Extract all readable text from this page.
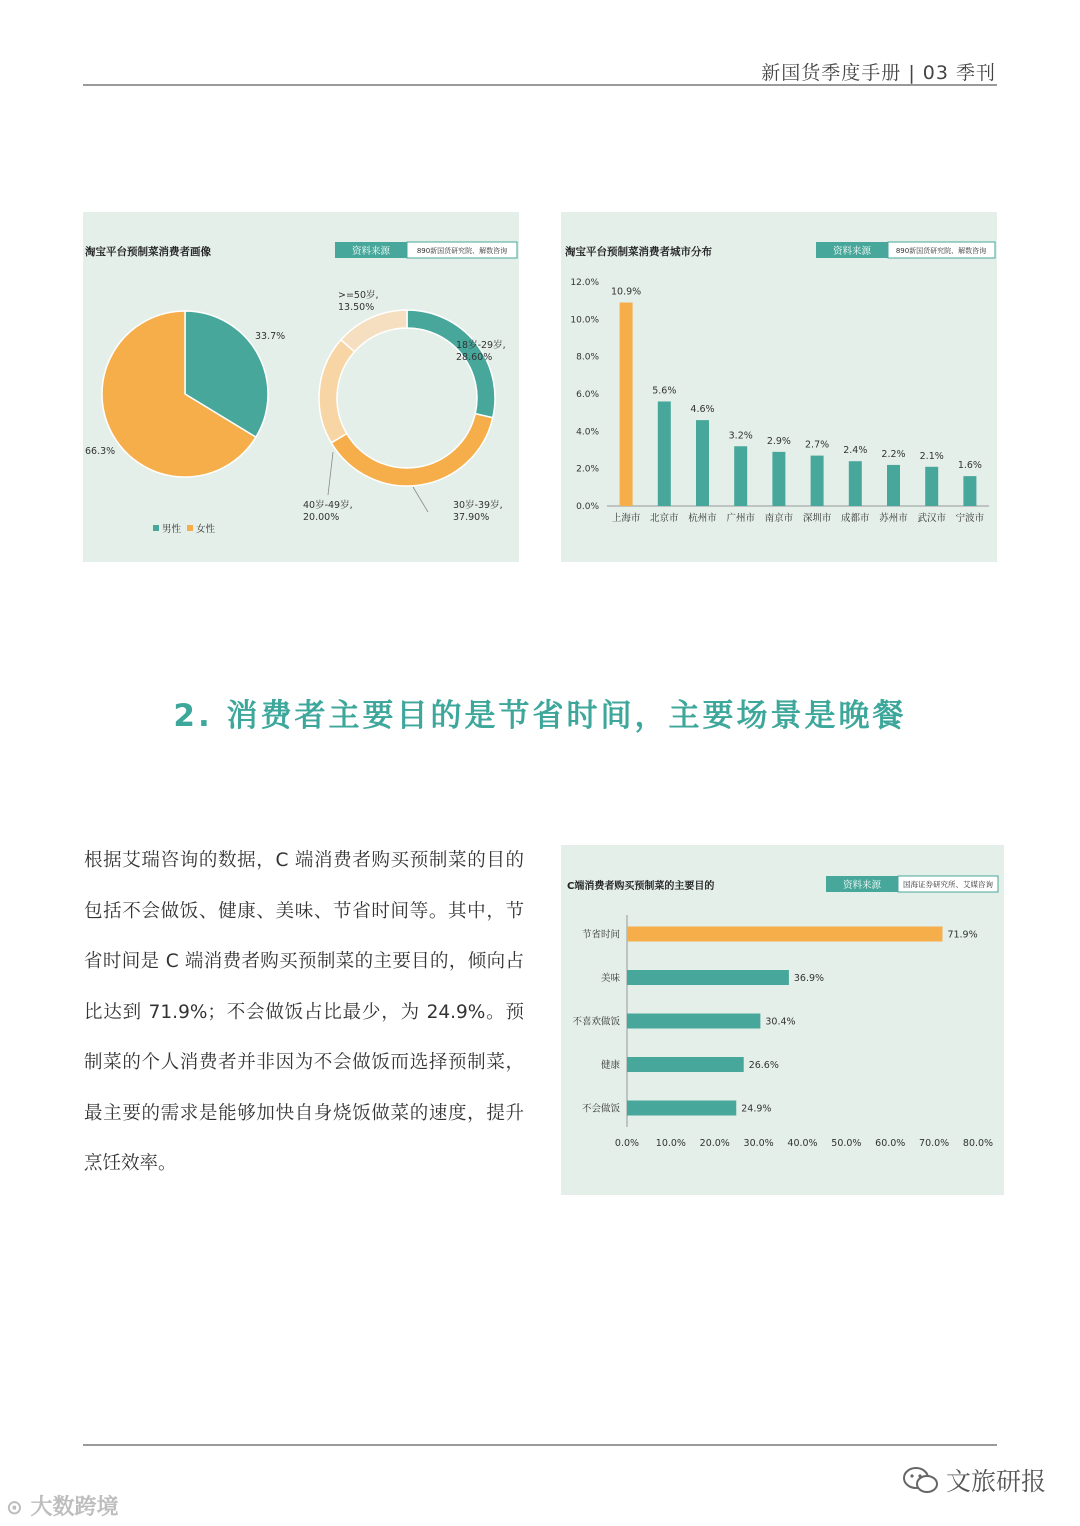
新国货季度手册 | 03 季刊
淘宝平台预制菜消费者画像	资料来源	890新国货研究院、解数咨询
33.7%
66.3%
18岁-29岁,
28.60%
30岁-39岁,
37.90%
40岁-49岁,
20.00%
>=50岁,
13.50%
男性 女性
淘宝平台预制菜消费者城市分布	资料来源	890新国货研究院、解数咨询
0.0%
2.0%
4.0%
6.0%
8.0%
10.0%
12.0%
10.9%
上海市
5.6%
北京市
4.6%
杭州市
3.2%
广州市
2.9%
南京市
2.7%
深圳市
2.4%
成都市
2.2%
苏州市
2.1%
武汉市
1.6%
宁波市
2. 消费者主要目的是节省时间，主要场景是晚餐
根据艾瑞咨询的数据，C 端消费者购买预制菜的目的包括不会做饭、健康、美味、节省时间等。其中，节省时间是 C 端消费者购买预制菜的主要目的，倾向占比达到 71.9%；不会做饭占比最少，为 24.9%。预制菜的个人消费者并非因为不会做饭而选择预制菜，最主要的需求是能够加快自身烧饭做菜的速度，提升烹饪效率。
C端消费者购买预制菜的主要目的	资料来源	国海证券研究所、艾媒咨询
节省时间	71.9%
美味	36.9%
不喜欢做饭	30.4%
健康	26.6%
不会做饭	24.9%
0.0% 10.0% 20.0% 30.0% 40.0% 50.0% 60.0% 70.0% 80.0%
⊙ 大数跨境
文旅研报
